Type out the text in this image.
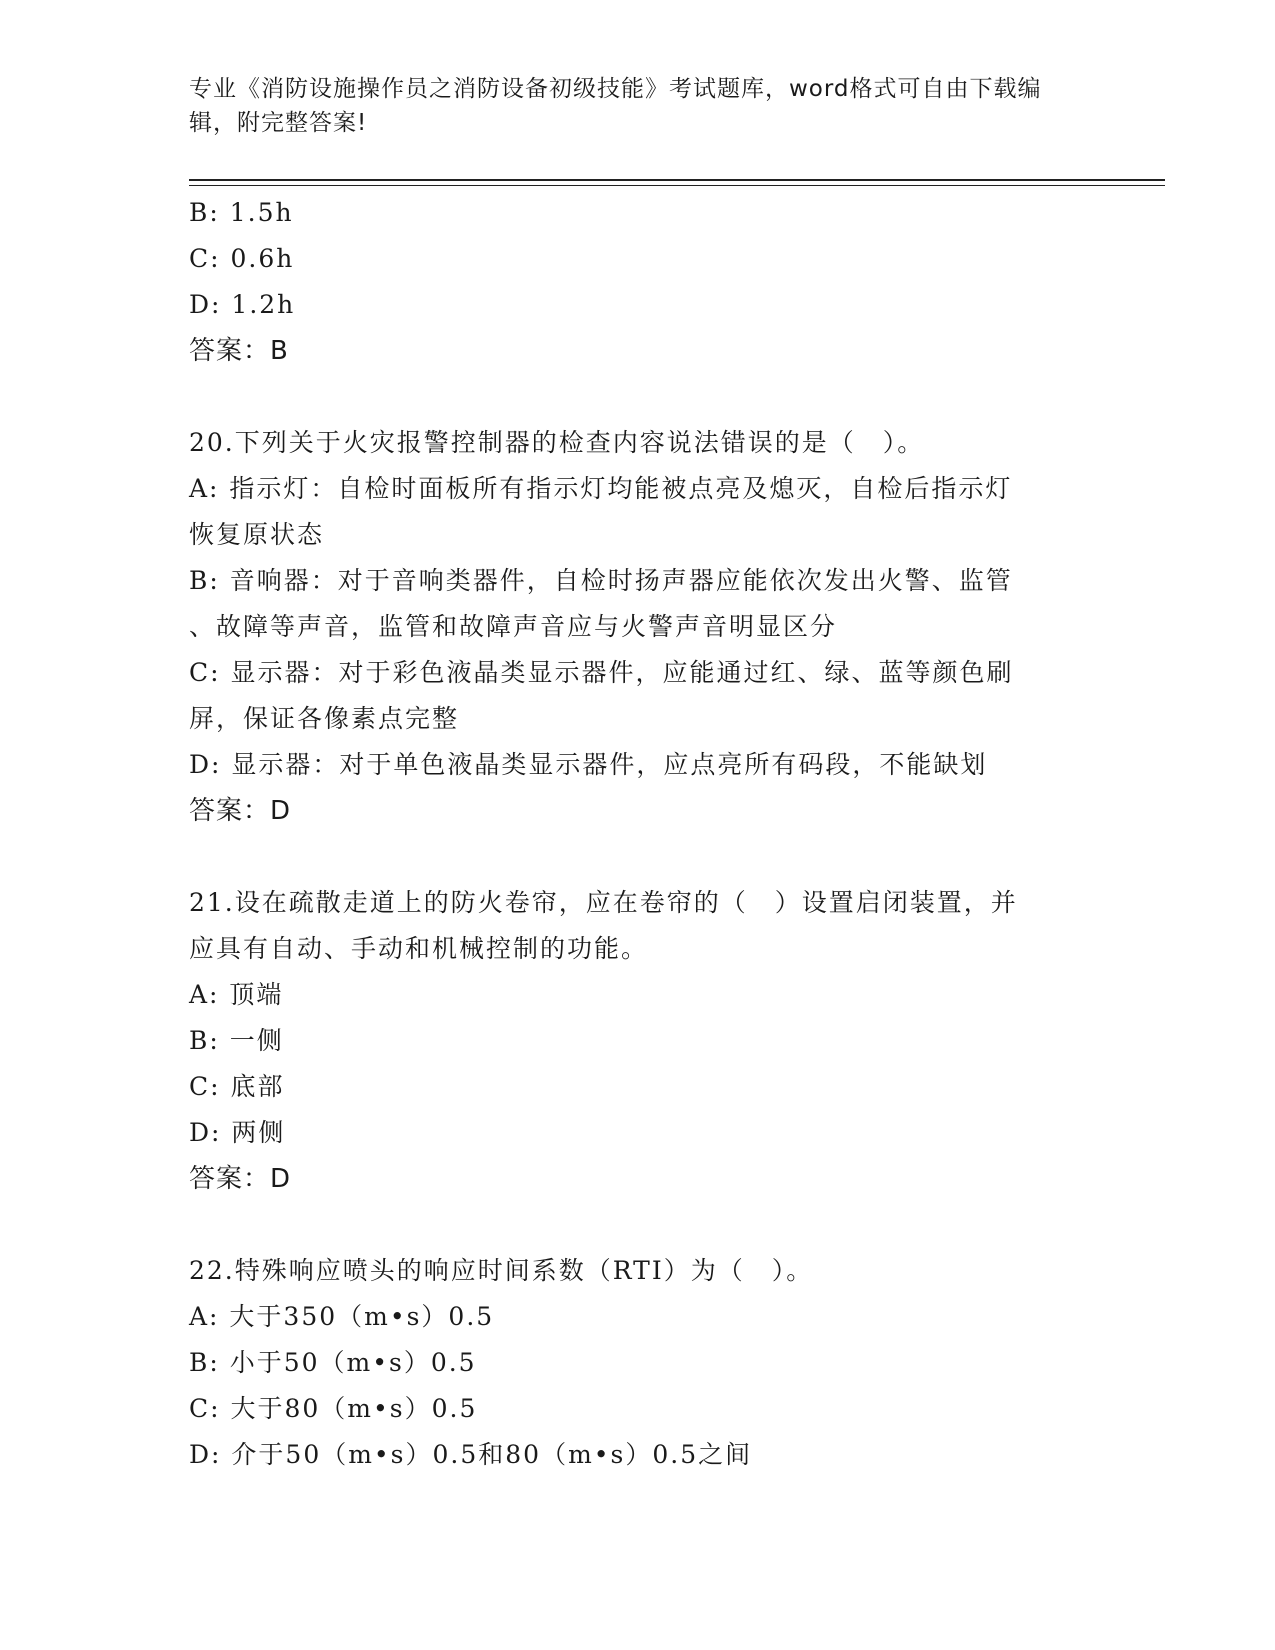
专业《消防设施操作员之消防设备初级技能》考试题库，word格式可自由下载编
辑，附完整答案!
B: 1.5h
C: 0.6h
D: 1.2h
答案：B
20.下列关于火灾报警控制器的检查内容说法错误的是（　）。
A: 指示灯：自检时面板所有指示灯均能被点亮及熄灭，自检后指示灯
恢复原状态
B: 音响器：对于音响类器件，自检时扬声器应能依次发出火警、监管
、故障等声音，监管和故障声音应与火警声音明显区分
C: 显示器：对于彩色液晶类显示器件，应能通过红、绿、蓝等颜色刷
屏，保证各像素点完整
D: 显示器：对于单色液晶类显示器件，应点亮所有码段，不能缺划
答案：D
21.设在疏散走道上的防火卷帘，应在卷帘的（　）设置启闭装置，并
应具有自动、手动和机械控制的功能。
A: 顶端
B: 一侧
C: 底部
D: 两侧
答案：D
22.特殊响应喷头的响应时间系数（RTI）为（　）。
A: 大于350（m•s）0.5
B: 小于50（m•s）0.5
C: 大于80（m•s）0.5
D: 介于50（m•s）0.5和80（m•s）0.5之间
